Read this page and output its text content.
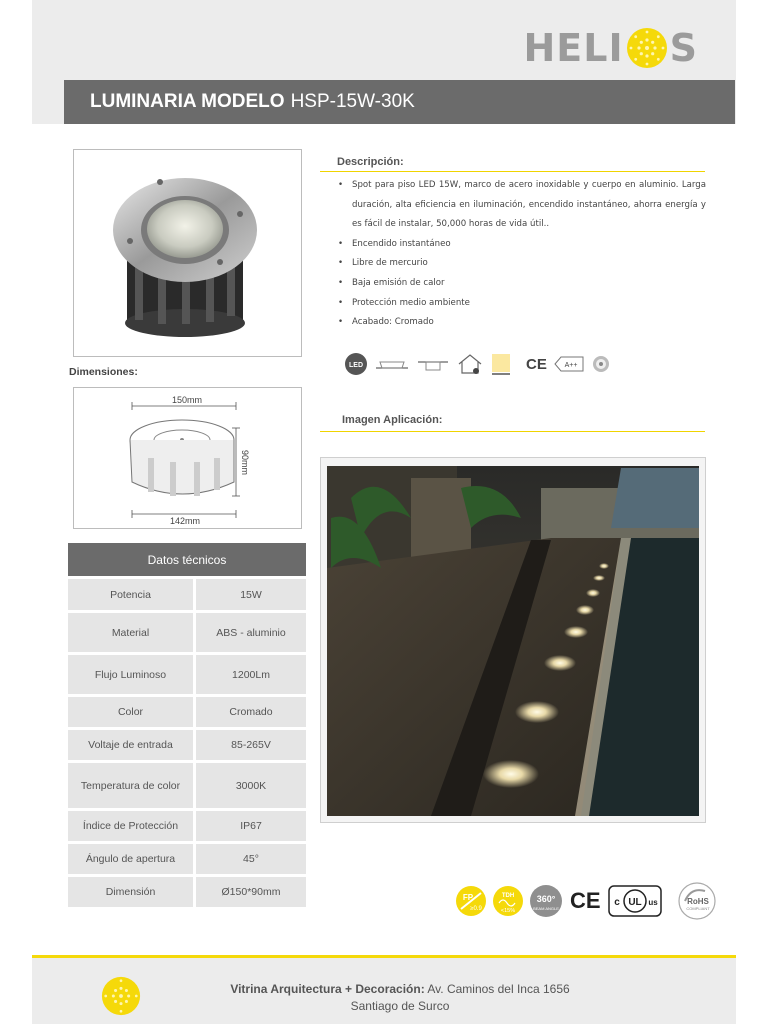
HELI S
LUMINARIA MODELO HSP-15W-30K
Dimensiones:
150mm
90mm
142mm
Descripción:
• Spot para piso LED 15W, marco de acero inoxidable y cuerpo en aluminio. Larga duración, alta eficiencia en iluminación, encendido instantáneo, ahorra energía y es fácil de instalar, 50,000 horas de vida útil..
• Encendido instantáneo
• Libre de mercurio
• Baja emisión de calor
• Protección medio ambiente
• Acabado: Cromado
LED	CE	A++
Imagen Aplicación:
Datos técnicos
Potencia	15W
Material	ABS - aluminio
Flujo Luminoso	1200Lm
Color	Cromado
Voltaje de entrada	85-265V
Temperatura de color	3000K
Índice de Protección	IP67
Ángulo de apertura	45°
Dimensión	Ø150*90mm	FP
≥0.9
TDH
<15%
360°
BEAM ANGLE CE c UL us	RoHS
COMPLIANT
Vitrina Arquitectura + Decoración: Av. Caminos del Inca 1656
Santiago de Surco
